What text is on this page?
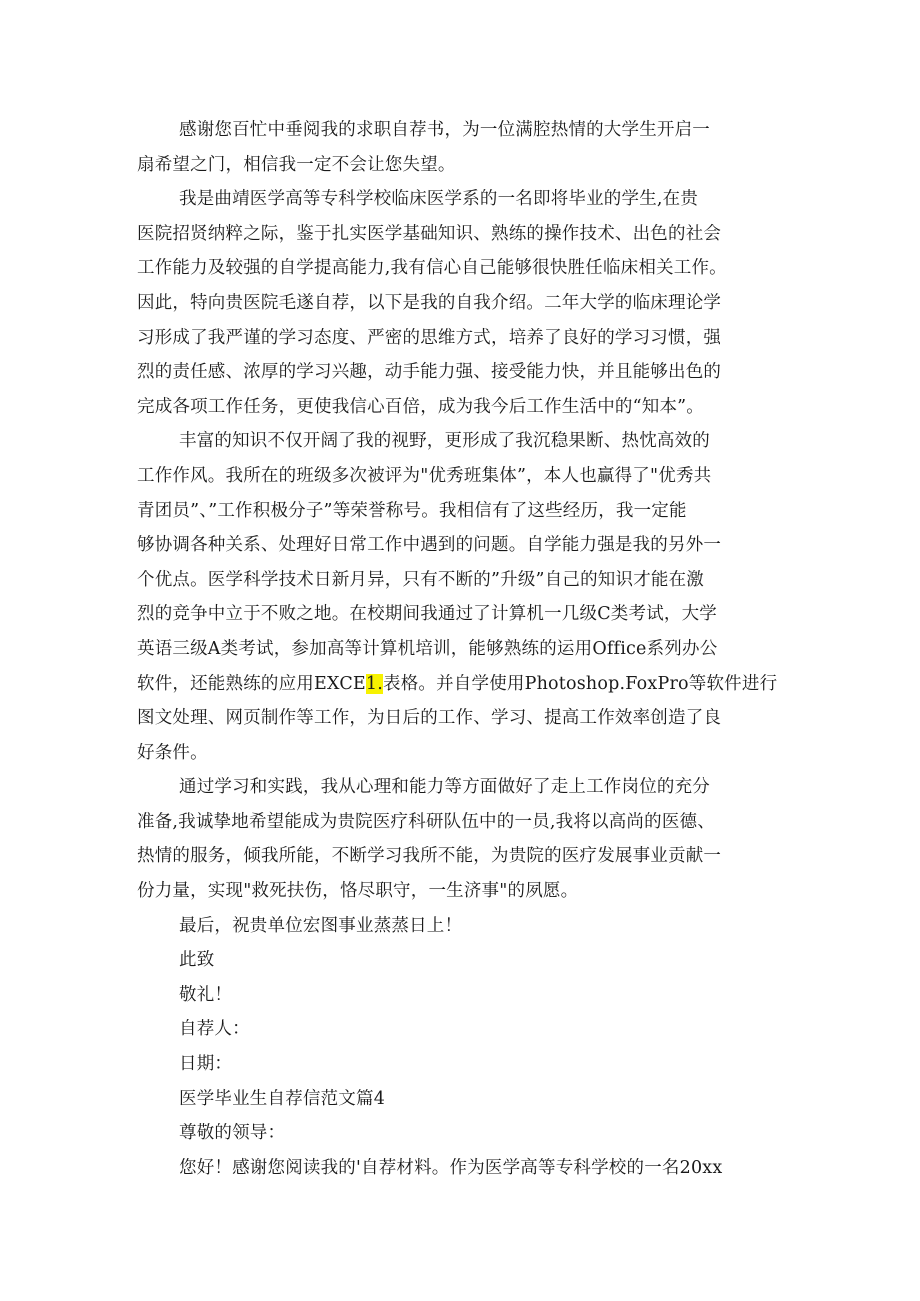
感谢您百忙中垂阅我的求职自荐书，为一位满腔热情的大学生开启一
扇希望之门，相信我一定不会让您失望。
我是曲靖医学高等专科学校临床医学系的一名即将毕业的学生,在贵
医院招贤纳粹之际，鉴于扎实医学基础知识、熟练的操作技术、出色的社会
工作能力及较强的自学提高能力,我有信心自己能够很快胜任临床相关工作。
因此，特向贵医院毛遂自荐，以下是我的自我介绍。二年大学的临床理论学
习形成了我严谨的学习态度、严密的思维方式，培养了良好的学习习惯，强
烈的责任感、浓厚的学习兴趣，动手能力强、接受能力快，并且能够出色的
完成各项工作任务，更使我信心百倍，成为我今后工作生活中的“知本”。
丰富的知识不仅开阔了我的视野，更形成了我沉稳果断、热忱高效的
工作作风。我所在的班级多次被评为"优秀班集体”，本人也赢得了"优秀共
青团员”、”工作积极分子”等荣誉称号。我相信有了这些经历，我一定能
够协调各种关系、处理好日常工作中遇到的问题。自学能力强是我的另外一
个优点。医学科学技术日新月异，只有不断的”升级”自己的知识才能在激
烈的竞争中立于不败之地。在校期间我通过了计算机一几级C类考试，大学
英语三级A类考试，参加高等计算机培训，能够熟练的运用Office系列办公
软件，还能熟练的应用EXCE1.表格。并自学使用Photoshop.FoxPro等软件进行
图文处理、网页制作等工作，为日后的工作、学习、提高工作效率创造了良
好条件。
通过学习和实践，我从心理和能力等方面做好了走上工作岗位的充分
准备,我诚挚地希望能成为贵院医疗科研队伍中的一员,我将以高尚的医德、
热情的服务，倾我所能，不断学习我所不能，为贵院的医疗发展事业贡献一
份力量，实现"救死扶伤，恪尽职守，一生济事"的夙愿。
最后，祝贵单位宏图事业蒸蒸日上！
此致
敬礼！
自荐人：
日期：
医学毕业生自荐信范文篇4
尊敬的领导：
您好！感谢您阅读我的'自荐材料。作为医学高等专科学校的一名20xx
